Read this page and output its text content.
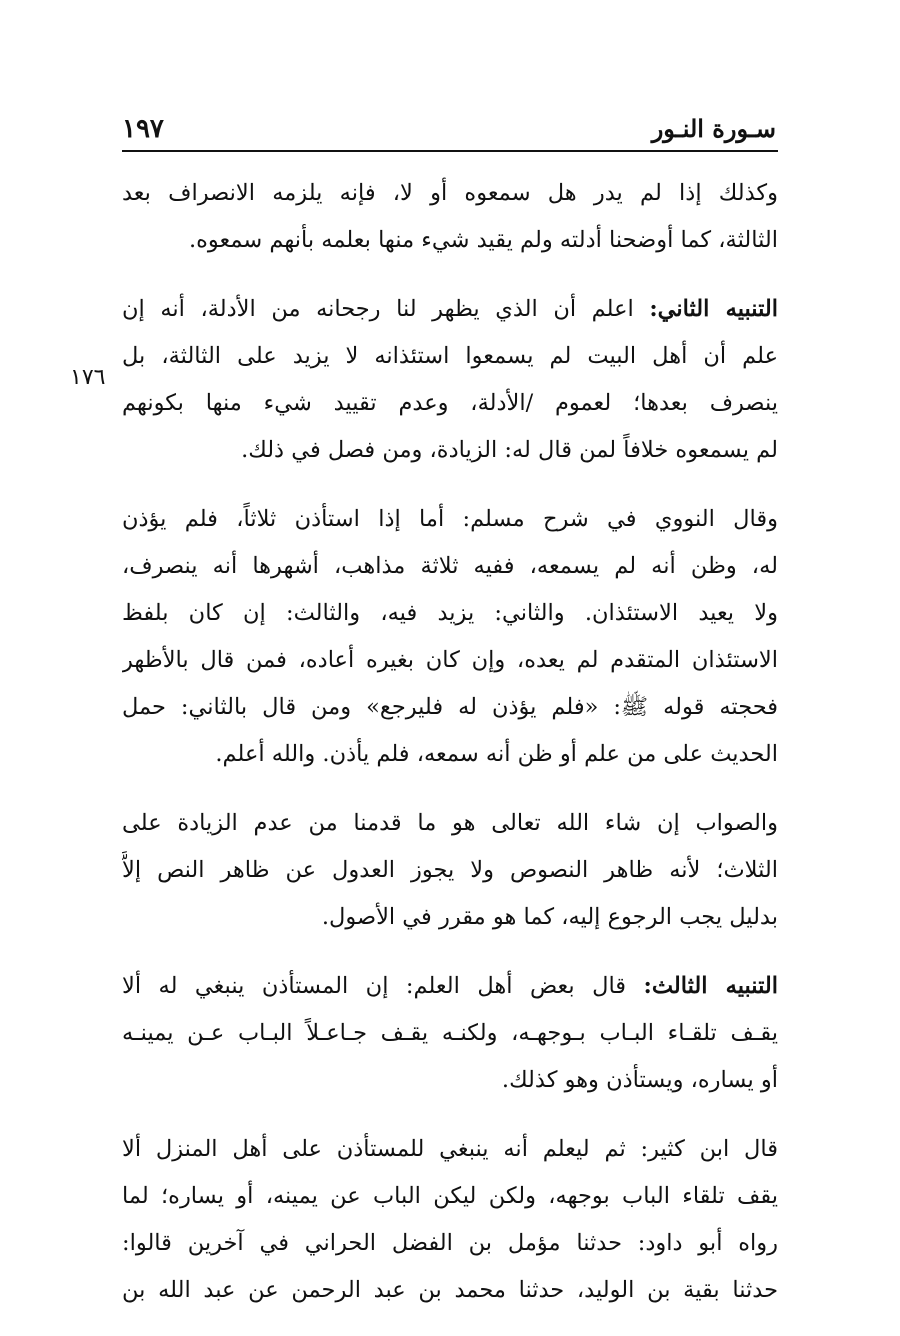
سـورة النـور
١٩٧
١٧٦
وكذلك إذا لم يدر هل سمعوه أو لا، فإنه يلزمه الانصراف بعد
الثالثة، كما أوضحنا أدلته ولم يقيد شيء منها بعلمه بأنهم سمعوه.
التنبيه الثاني: اعلم أن الذي يظهر لنا رجحانه من الأدلة، أنه إن
علم أن أهل البيت لم يسمعوا استئذانه لا يزيد على الثالثة، بل
ينصرف بعدها؛ لعموم /الأدلة، وعدم تقييد شيء منها بكونهم
لم يسمعوه خلافاً لمن قال له: الزيادة، ومن فصل في ذلك.
وقال النووي في شرح مسلم: أما إذا استأذن ثلاثاً، فلم يؤذن
له، وظن أنه لم يسمعه، ففيه ثلاثة مذاهب، أشهرها أنه ينصرف،
ولا يعيد الاستئذان. والثاني: يزيد فيه، والثالث: إن كان بلفظ
الاستئذان المتقدم لم يعده، وإن كان بغيره أعاده، فمن قال بالأظهر
فحجته قوله ﷺ: «فلم يؤذن له فليرجع» ومن قال بالثاني: حمل
الحديث على من علم أو ظن أنه سمعه، فلم يأذن. والله أعلم.
والصواب إن شاء الله تعالى هو ما قدمنا من عدم الزيادة على
الثلاث؛ لأنه ظاهر النصوص ولا يجوز العدول عن ظاهر النص إلاَّ
بدليل يجب الرجوع إليه، كما هو مقرر في الأصول.
التنبيه الثالث: قال بعض أهل العلم: إن المستأذن ينبغي له ألا
يقـف تلقـاء البـاب بـوجهـه، ولكنـه يقـف جـاعـلاً البـاب عـن يمينـه
أو يساره، ويستأذن وهو كذلك.
قال ابن كثير: ثم ليعلم أنه ينبغي للمستأذن على أهل المنزل ألا
يقف تلقاء الباب بوجهه، ولكن ليكن الباب عن يمينه، أو يساره؛ لما
رواه أبو داود: حدثنا مؤمل بن الفضل الحراني في آخرين قالوا:
حدثنا بقية بن الوليد، حدثنا محمد بن عبد الرحمن عن عبد الله بن
